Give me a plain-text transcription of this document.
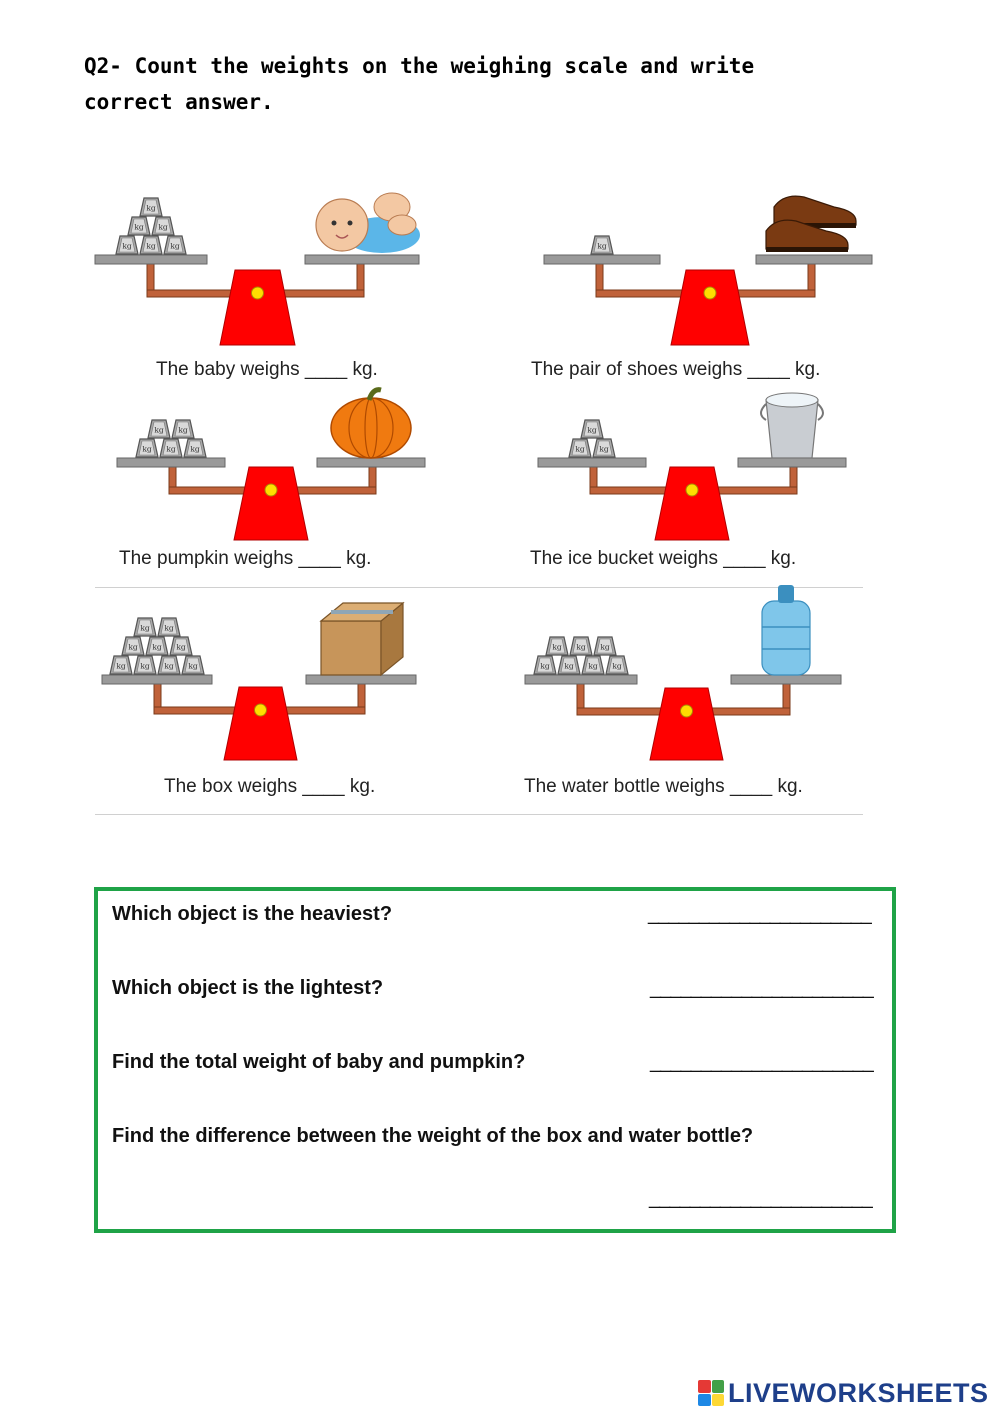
Q2- Count the weights on the weighing scale and write correct answer.

kg kg kg
kg kg
kg
The baby weighs ____ kg.
kg
The pair of shoes weighs ____ kg.
kg kg kg
kg kg
The pumpkin weighs ____ kg.
kg kg
kg
The ice bucket weighs ____ kg.
kg kg kg kg
kg kg kg
kg kg
The box weighs ____ kg.
kg kg kg kg
kg kg kg
The water bottle weighs ____ kg.
Which object is the heaviest?	______________________
Which object is the lightest?	______________________
Find the total weight of baby and pumpkin?	______________________
Find the difference between the weight of the box and water bottle?
______________________
LIVEWORKSHEETS
